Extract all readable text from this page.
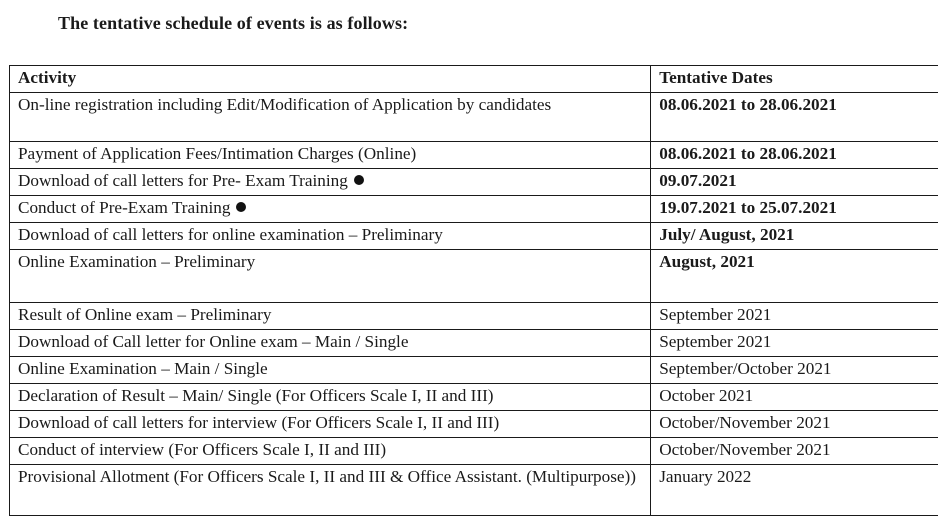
The tentative schedule of events is as follows:
Activity	Tentative Dates
On-line registration including Edit/Modification of Application by candidates	08.06.2021 to 28.06.2021
Payment of Application Fees/Intimation Charges (Online)	08.06.2021 to 28.06.2021
Download of call letters for Pre- Exam Training	09.07.2021
Conduct of Pre-Exam Training	19.07.2021 to 25.07.2021
Download of call letters for online examination – Preliminary	July/ August, 2021
Online Examination – Preliminary	August, 2021
Result of Online exam – Preliminary	September 2021
Download of Call letter for Online exam – Main / Single	September 2021
Online Examination – Main / Single	September/October 2021
Declaration of Result – Main/ Single (For Officers Scale I, II and III)	October 2021
Download of call letters for interview (For Officers Scale I, II and III)	October/November 2021
Conduct of interview (For Officers Scale I, II and III)	October/November 2021
Provisional Allotment (For Officers Scale I, II and III & Office Assistant. (Multipurpose))	January 2022
